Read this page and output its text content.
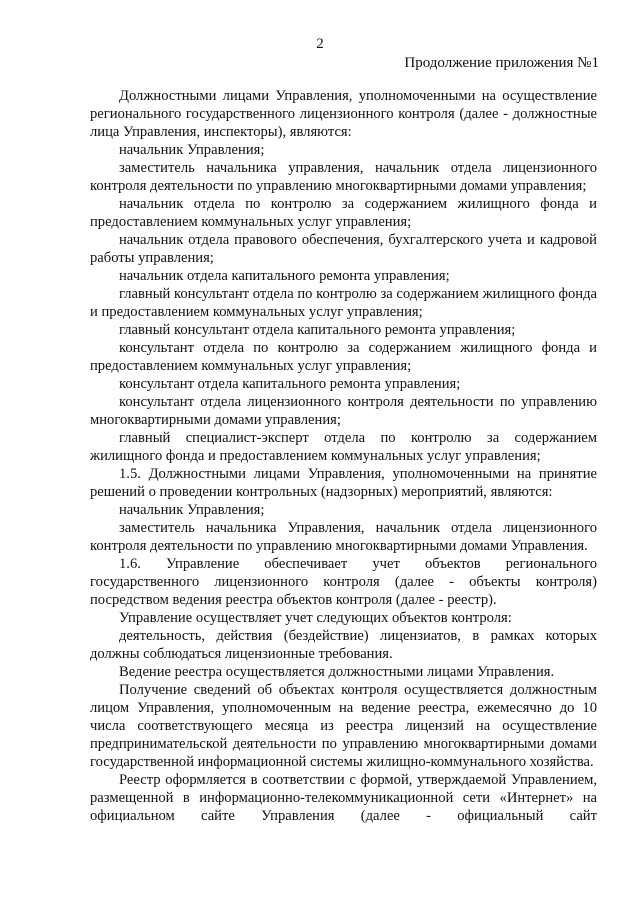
2
Продолжение приложения №1

Должностными лицами Управления, уполномоченными на осуществление регионального государственного лицензионного контроля (далее - должностные лица Управления, инспекторы), являются:

начальник Управления;

заместитель начальника управления, начальник отдела лицензионного контроля деятельности по управлению многоквартирными домами управления;

начальник отдела по контролю за содержанием жилищного фонда и предоставлением коммунальных услуг управления;

начальник отдела правового обеспечения, бухгалтерского учета и кадровой работы управления;

начальник отдела капитального ремонта управления;

главный консультант отдела по контролю за содержанием жилищного фонда и предоставлением коммунальных услуг управления;

главный консультант отдела капитального ремонта управления;

консультант отдела по контролю за содержанием жилищного фонда и предоставлением коммунальных услуг управления;

консультант отдела капитального ремонта управления;

консультант отдела лицензионного контроля деятельности по управлению многоквартирными домами управления;

главный специалист-эксперт отдела по контролю за содержанием жилищного фонда и предоставлением коммунальных услуг управления;

1.5. Должностными лицами Управления, уполномоченными на принятие решений о проведении контрольных (надзорных) мероприятий, являются:

начальник Управления;

заместитель начальника Управления, начальник отдела лицензионного контроля деятельности по управлению многоквартирными домами Управления.

1.6. Управление обеспечивает учет объектов регионального государственного лицензионного контроля (далее - объекты контроля) посредством ведения реестра объектов контроля (далее - реестр).

Управление осуществляет учет следующих объектов контроля:

деятельность, действия (бездействие) лицензиатов, в рамках которых должны соблюдаться лицензионные требования.

Ведение реестра осуществляется должностными лицами Управления.

Получение сведений об объектах контроля осуществляется должностным лицом Управления, уполномоченным на ведение реестра, ежемесячно до 10 числа соответствующего месяца из реестра лицензий на осуществление предпринимательской деятельности по управлению многоквартирными домами государственной информационной системы жилищно-коммунального хозяйства.

Реестр оформляется в соответствии с формой, утверждаемой Управлением, размещенной в информационно-телекоммуникационной сети «Интернет» на официальном сайте Управления (далее - официальный сайт
